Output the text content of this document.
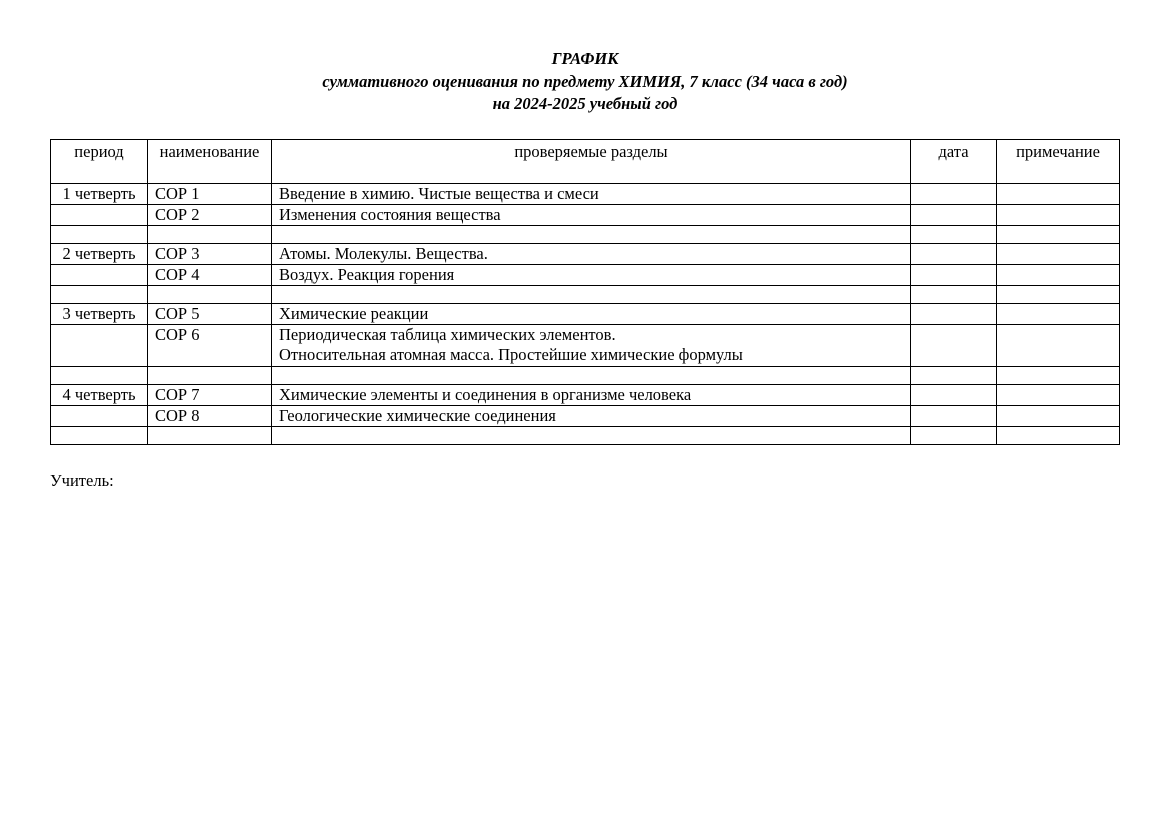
ГРАФИК
суммативного оценивания по предмету ХИМИЯ, 7 класс (34 часа в год)
на 2024-2025 учебный год
период	наименование	проверяемые разделы	дата	примечание
1 четверть	СОР 1	Введение в химию. Чистые вещества и смеси		
	СОР 2	Изменения состояния вещества		

2 четверть	СОР 3	Атомы. Молекулы. Вещества.		
	СОР 4	Воздух. Реакция горения		

3 четверть	СОР 5	Химические реакции		
	СОР 6	Периодическая таблица химических элементов.
Относительная атомная масса. Простейшие химические формулы		

4 четверть	СОР 7	Химические элементы и соединения в организме человека		
	СОР 8	Геологические химические соединения		

Учитель:
